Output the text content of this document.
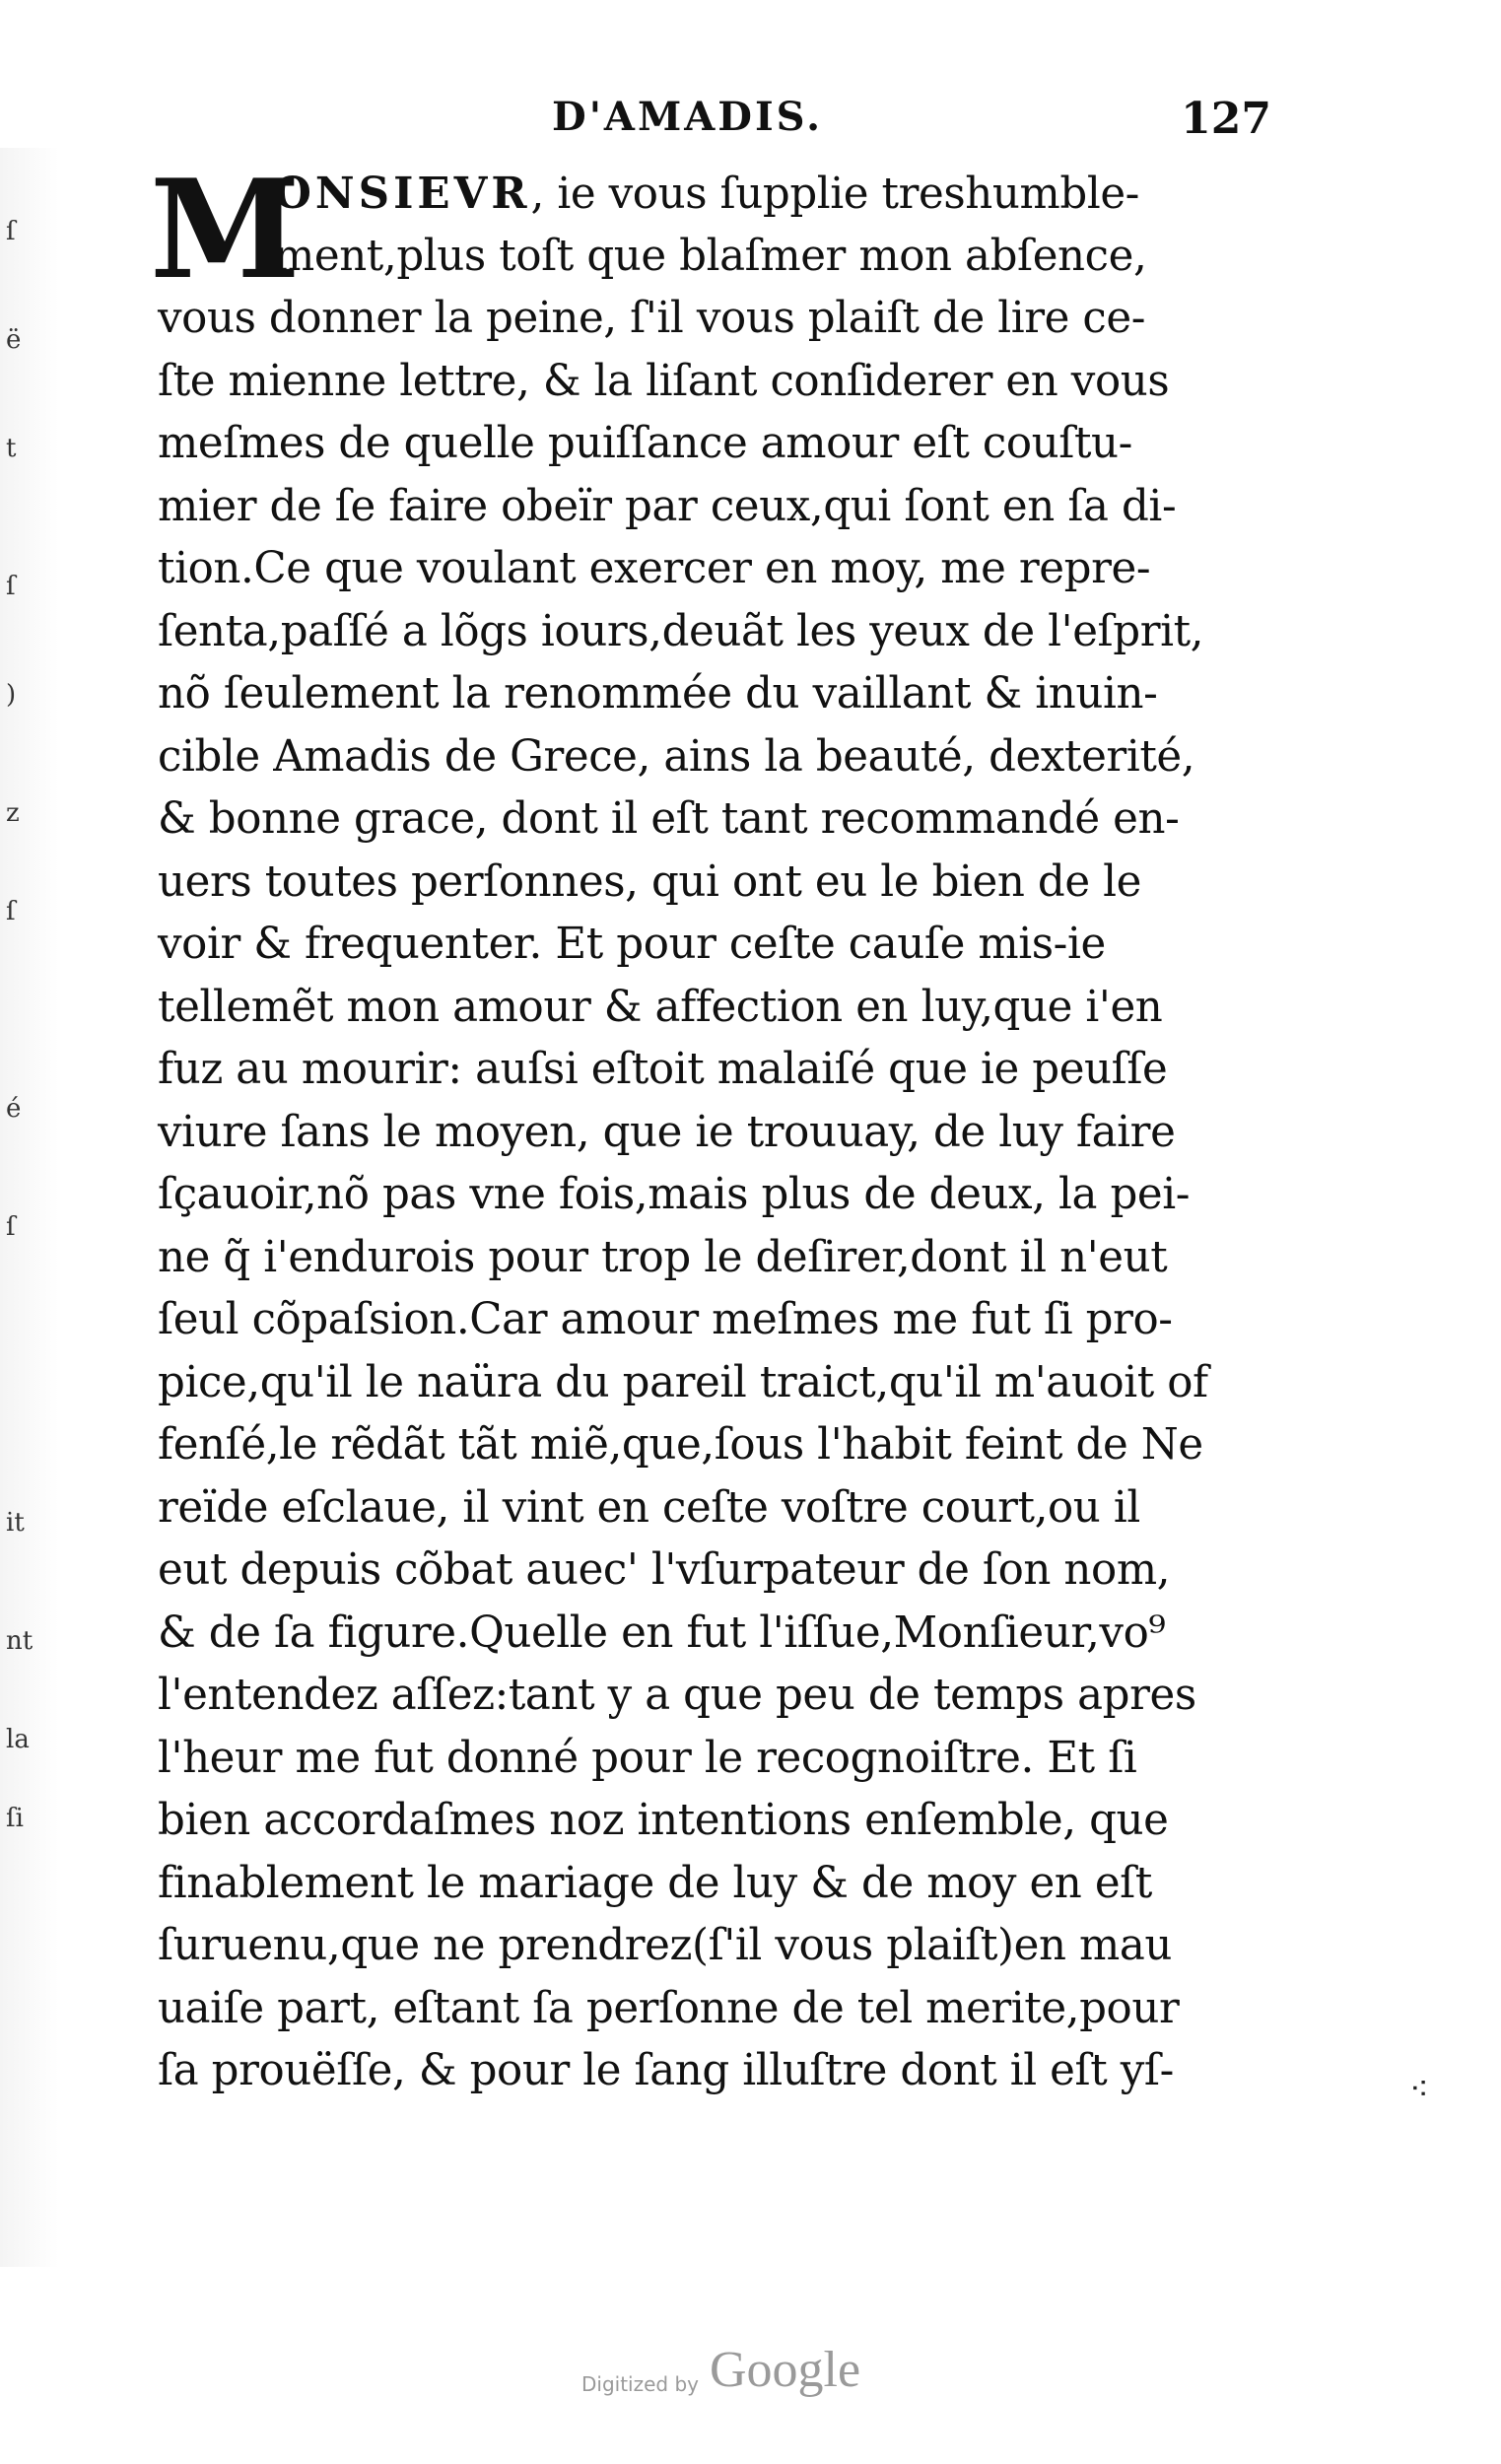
ſ
ë
t
ſ
)
z
ſ
é
ſ
it
nt
la
ſi
D'AMADIS.	127
M
ONSIEVR, ie vous ſupplie treshumble-
ment,plus toſt que blaſmer mon abſence,
vous donner la peine, ſ'il vous plaiſt de lire ce-
ſte mienne lettre, & la liſant conſiderer en vous
meſmes de quelle puiſſance amour eſt couſtu-
mier de ſe faire obeïr par ceux,qui ſont en ſa di-
tion.Ce que voulant exercer en moy, me repre-
ſenta,paſſé a lõgs iours,deuãt les yeux de l'eſprit,
nõ ſeulement la renommée du vaillant & inuin-
cible Amadis de Grece, ains la beauté, dexterité,
& bonne grace, dont il eſt tant recommandé en-
uers toutes perſonnes, qui ont eu le bien de le
voir & frequenter. Et pour ceſte cauſe mis-ie
tellemẽt mon amour & affection en luy,que i'en
fuz au mourir: auſsi eſtoit malaiſé que ie peuſſe
viure ſans le moyen, que ie trouuay, de luy faire
ſçauoir,nõ pas vne fois,mais plus de deux, la pei-
ne q̃ i'endurois pour trop le deſirer,dont il n'eut
ſeul cõpaſsion.Car amour meſmes me fut ſi pro-
pice,qu'il le naüra du pareil traict,qu'il m'auoit of
fenſé,le rẽdãt tãt miẽ,que,ſous l'habit feint de Ne
reïde eſclaue, il vint en ceſte voſtre court,ou il
eut depuis cõbat auec' l'vſurpateur de ſon nom,
& de ſa figure.Quelle en fut l'iſſue,Monſieur,vo⁹
l'entendez aſſez:tant y a que peu de temps apres
l'heur me fut donné pour le recognoiſtre. Et ſi
bien accordaſmes noz intentions enſemble, que
finablement le mariage de luy & de moy en eſt
ſuruenu,que ne prendrez(ſ'il vous plaiſt)en mau
uaiſe part, eſtant ſa perſonne de tel merite,pour
ſa prouëſſe, & pour le ſang illuſtre dont il eſt yſ-	⁖
Digitized by Google
